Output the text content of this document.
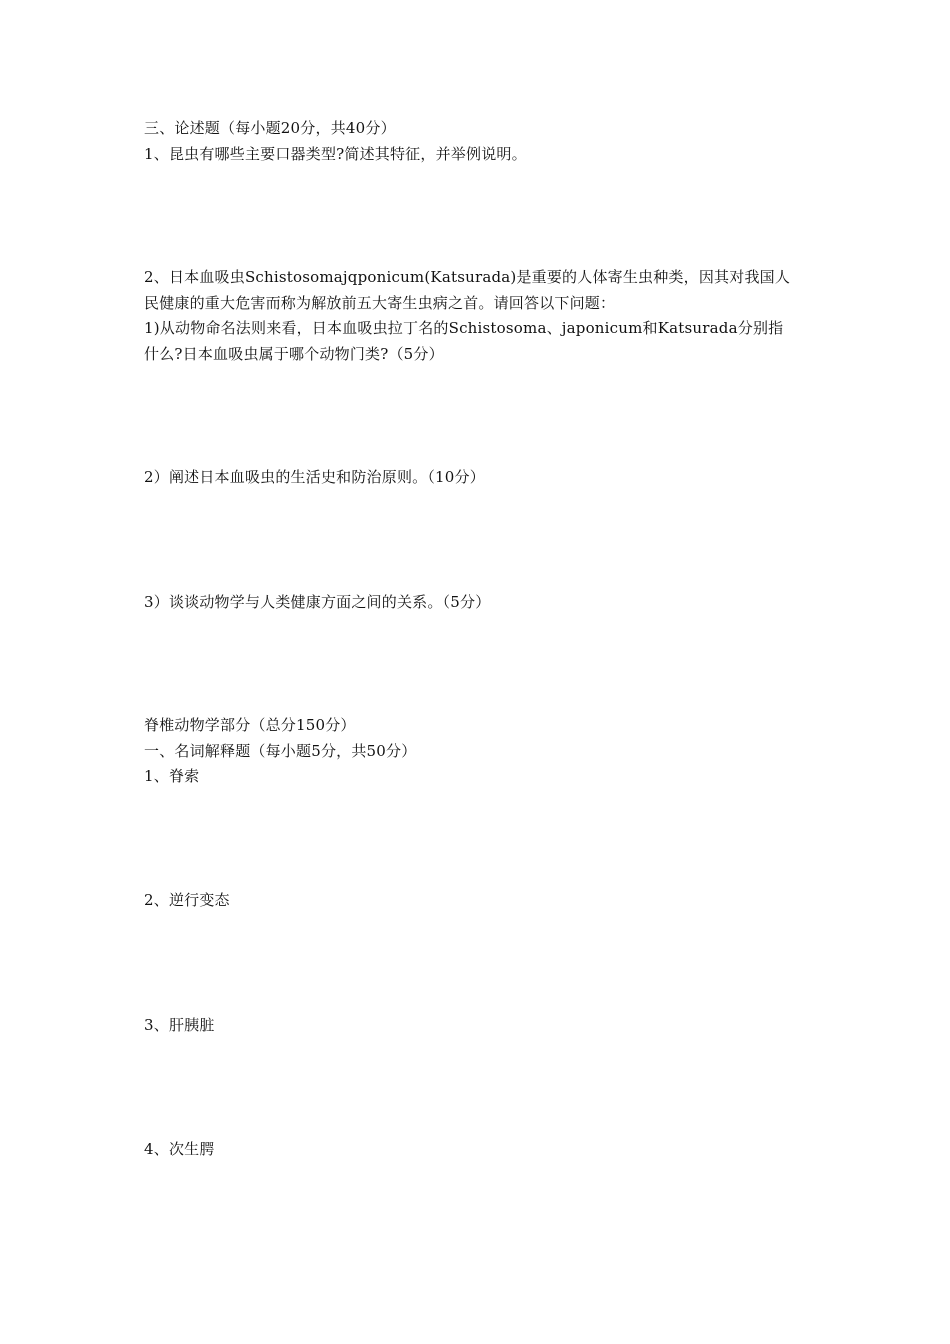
三、论述题（每小题20分，共40分）
1、昆虫有哪些主要口器类型?简述其特征，并举例说明。
2、日本血吸虫Schistosomajqponicum(Katsurada)是重要的人体寄生虫种类，因其对我国人
民健康的重大危害而称为解放前五大寄生虫病之首。请回答以下问题：
1)从动物命名法则来看，日本血吸虫拉丁名的Schistosoma、japonicum和Katsurada分别指
什么?日本血吸虫属于哪个动物门类?（5分）
2）阐述日本血吸虫的生活史和防治原则。（10分）
3）谈谈动物学与人类健康方面之间的关系。（5分）
脊椎动物学部分（总分150分）
一、名词解释题（每小题5分，共50分）
1、脊索
2、逆行变态
3、肝胰脏
4、次生腭
